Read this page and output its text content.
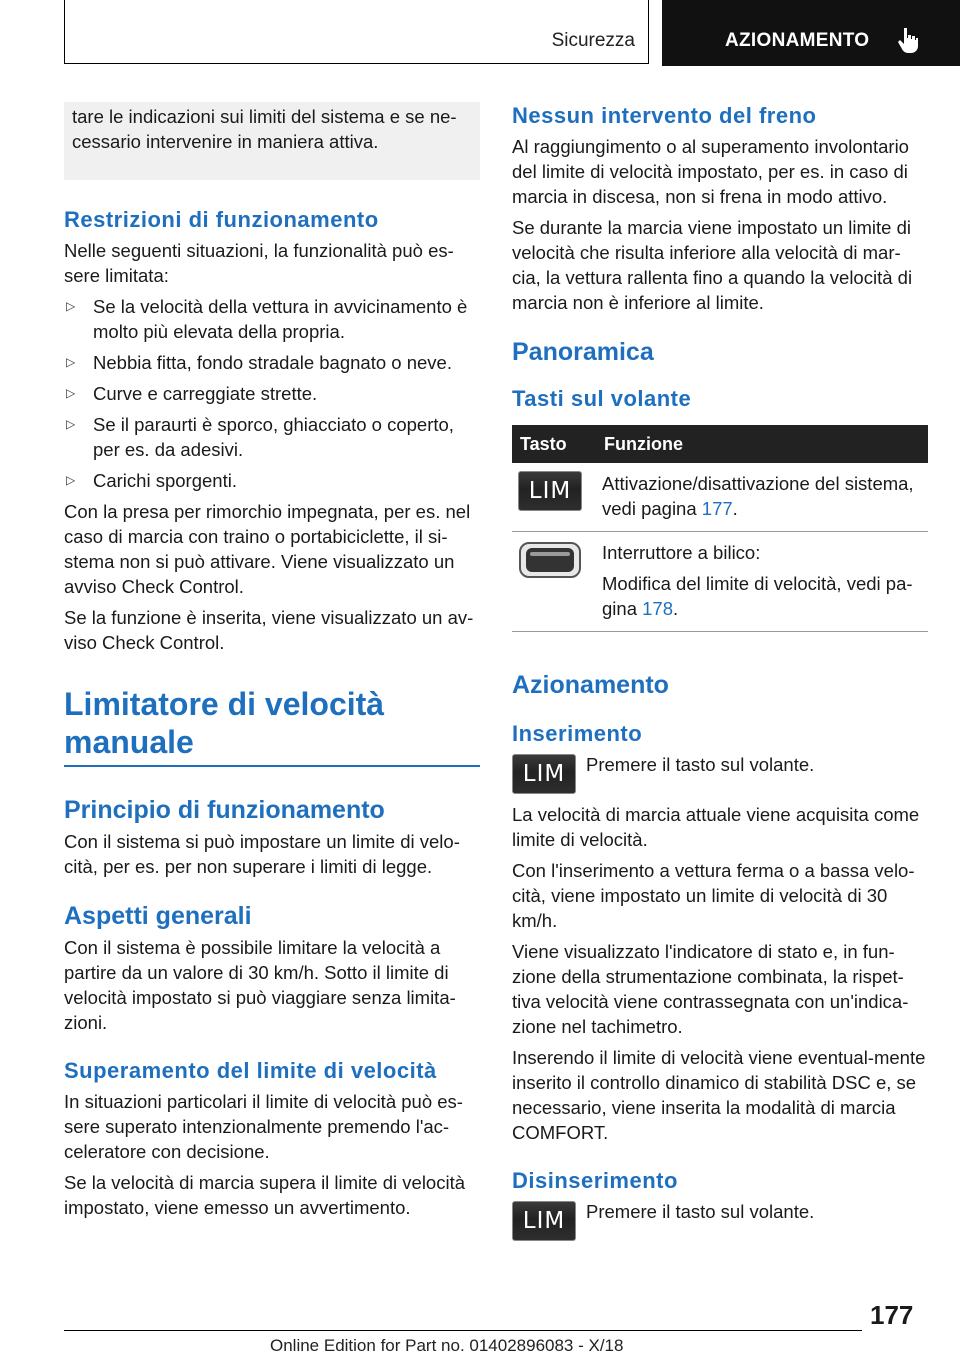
Sicurezza	AZIONAMENTO

tare le indicazioni sui limiti del sistema e se ne-cessario intervenire in maniera attiva.

Restrizioni di funzionamento

Nelle seguenti situazioni, la funzionalità può es-sere limitata:

▷ Se la velocità della vettura in avvicinamento è molto più elevata della propria.
▷ Nebbia fitta, fondo stradale bagnato o neve.
▷ Curve e carreggiate strette.
▷ Se il paraurti è sporco, ghiacciato o coperto, per es. da adesivi.
▷ Carichi sporgenti.

Con la presa per rimorchio impegnata, per es. nel caso di marcia con traino o portabiciclette, il si-stema non si può attivare. Viene visualizzato un avviso Check Control.

Se la funzione è inserita, viene visualizzato un av-viso Check Control.

Limitatore di velocità manuale
Principio di funzionamento

Con il sistema si può impostare un limite di velo-cità, per es. per non superare i limiti di legge.

Aspetti generali

Con il sistema è possibile limitare la velocità a partire da un valore di 30 km/h. Sotto il limite di velocità impostato si può viaggiare senza limita-zioni.

Superamento del limite di velocità

In situazioni particolari il limite di velocità può es-sere superato intenzionalmente premendo l'ac-celeratore con decisione.

Se la velocità di marcia supera il limite di velocità impostato, viene emesso un avvertimento.

Nessun intervento del freno

Al raggiungimento o al superamento involontario del limite di velocità impostato, per es. in caso di marcia in discesa, non si frena in modo attivo.

Se durante la marcia viene impostato un limite di velocità che risulta inferiore alla velocità di mar-cia, la vettura rallenta fino a quando la velocità di marcia non è inferiore al limite.

Panoramica
Tasti sul volante
Tasto	Funzione
LIM	Attivazione/disattivazione del sistema, vedi pagina 177.

Interruttore a bilico:

Modifica del limite di velocità, vedi pa-gina 178.
Azionamento
Inserimento
LIM	Premere il tasto sul volante.

La velocità di marcia attuale viene acquisita come limite di velocità.

Con l'inserimento a vettura ferma o a bassa velo-cità, viene impostato un limite di velocità di 30 km/h.

Viene visualizzato l'indicatore di stato e, in fun-zione della strumentazione combinata, la rispet-tiva velocità viene contrassegnata con un'indica-zione nel tachimetro.

Inserendo il limite di velocità viene eventual-mente inserito il controllo dinamico di stabilità DSC e, se necessario, viene inserita la modalità di marcia COMFORT.

Disinserimento
LIM	Premere il tasto sul volante.

177
Online Edition for Part no. 01402896083 - X/18
